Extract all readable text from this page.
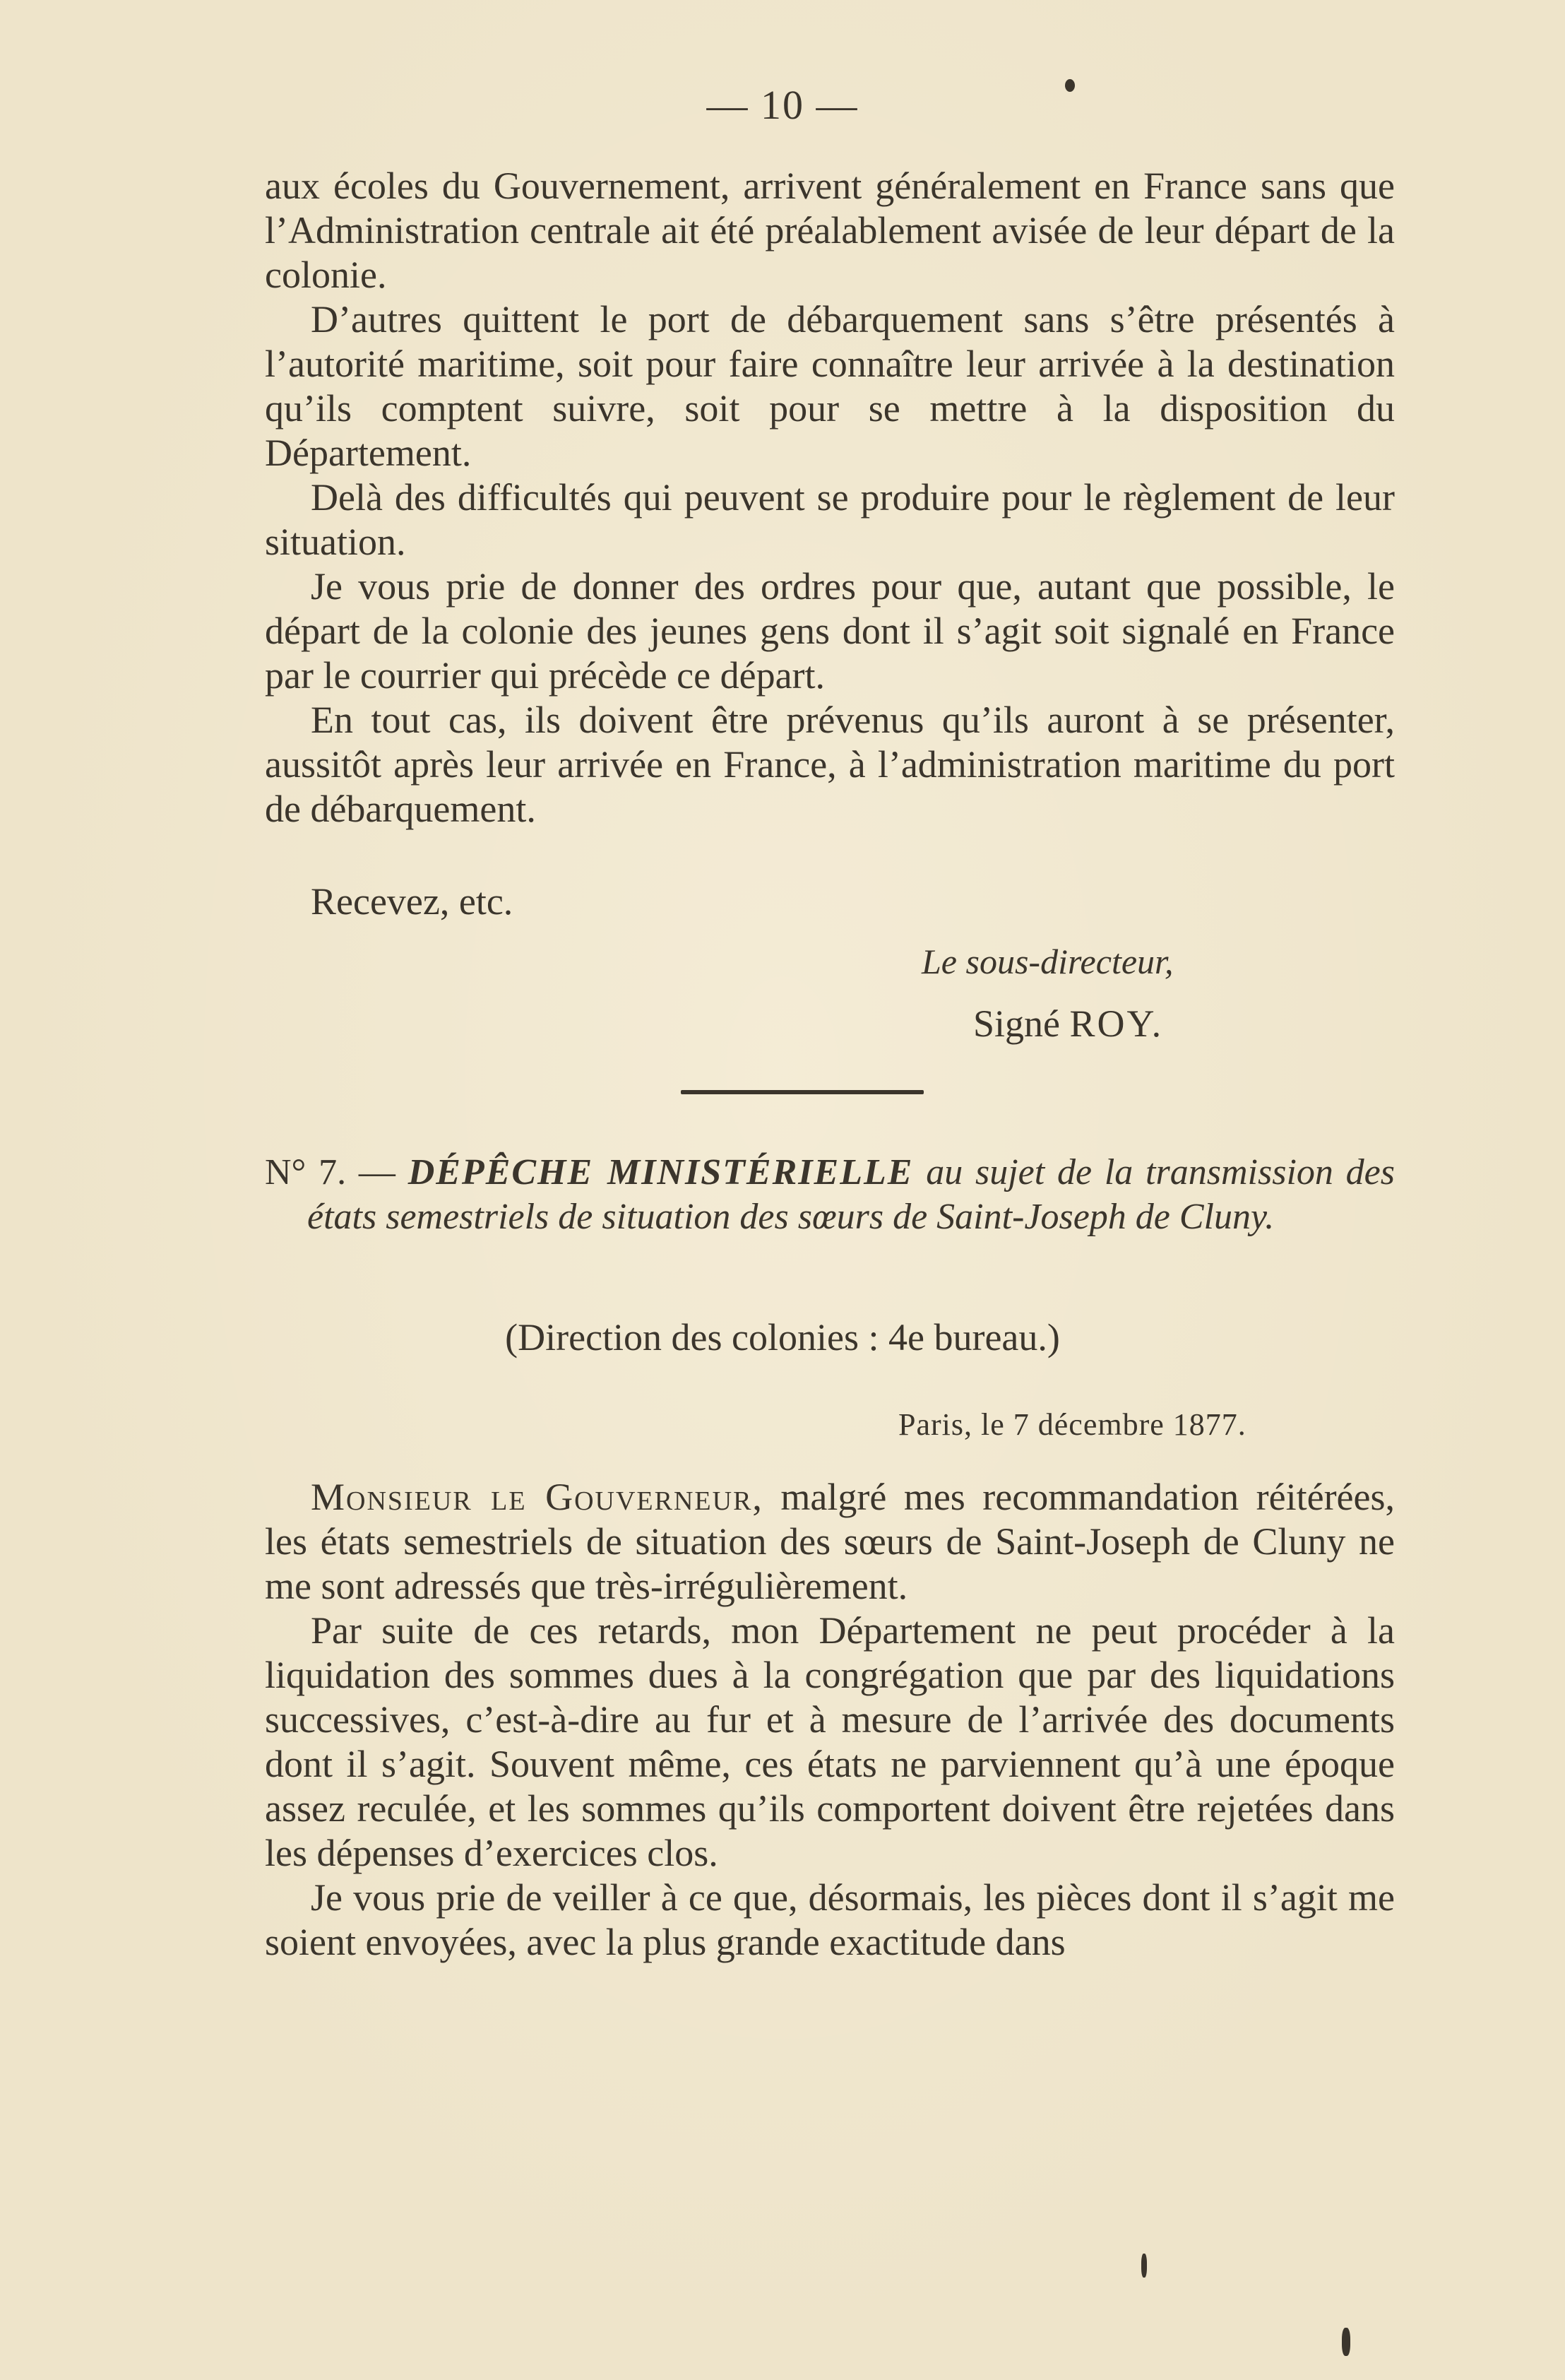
— 10 —

aux écoles du Gouvernement, arrivent généralement en France sans que l’Administration centrale ait été préalablement avisée de leur départ de la colonie.

D’autres quittent le port de débarquement sans s’être présentés à l’autorité maritime, soit pour faire connaître leur arrivée à la destination qu’ils comptent suivre, soit pour se mettre à la disposition du Département.

Delà des difficultés qui peuvent se produire pour le règlement de leur situation.

Je vous prie de donner des ordres pour que, autant que possible, le départ de la colonie des jeunes gens dont il s’agit soit signalé en France par le courrier qui précède ce départ.

En tout cas, ils doivent être prévenus qu’ils auront à se présenter, aussitôt après leur arrivée en France, à l’administration maritime du port de débarquement.

Recevez, etc.
Le sous-directeur,
Signé ROY.
N° 7. — DÉPÊCHE MINISTÉRIELLE au sujet de la transmission des états semestriels de situation des sœurs de Saint-Joseph de Cluny.
(Direction des colonies : 4e bureau.)
Paris, le 7 décembre 1877.

Monsieur le Gouverneur, malgré mes recommandation réitérées, les états semestriels de situation des sœurs de Saint-Joseph de Cluny ne me sont adressés que très-irrégulièrement.

Par suite de ces retards, mon Département ne peut procéder à la liquidation des sommes dues à la congrégation que par des liquidations successives, c’est-à-dire au fur et à mesure de l’arrivée des documents dont il s’agit. Souvent même, ces états ne parviennent qu’à une époque assez reculée, et les sommes qu’ils comportent doivent être rejetées dans les dépenses d’exercices clos.

Je vous prie de veiller à ce que, désormais, les pièces dont il s’agit me soient envoyées, avec la plus grande exactitude dans
